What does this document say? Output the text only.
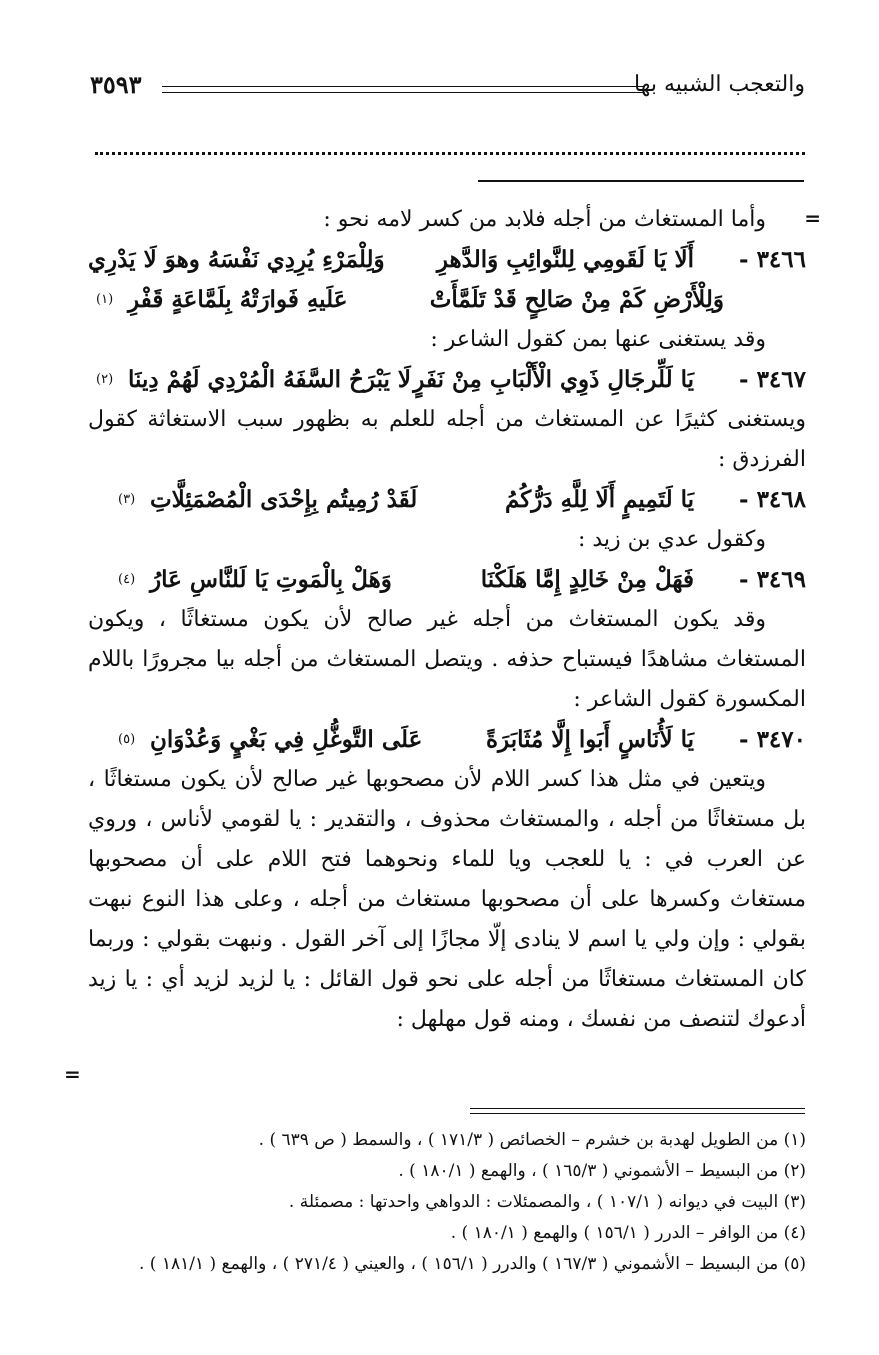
والتعجب الشبيه بها
٣٥٩٣
=
=

وأما المستغاث من أجله فلابد من كسر لامه نحو :

٣٤٦٦ -
أَلَا يَا لَقَومِي لِلنَّوائِبِ وَالدَّهرِ
وَلِلْمَرْءِ يُرِدِي نَفْسَهُ وهوَ لَا يَدْرِي
وَلِلْأَرْضِ كَمْ مِنْ صَالِحٍ قَدْ تَلَمَّأَتْ
عَلَيهِ فَوارَتْهُ بِلَمَّاعَةٍ قَفْرِ
(١)

وقد يستغنى عنها بمن كقول الشاعر :

٣٤٦٧ -
يَا لَلِّرجَالِ ذَوِي الْأَلْبَابِ مِنْ نَفَرٍ
لَا يَبْرَحُ السَّفَهُ الْمُرْدِي لَهُمْ دِينَا
(٢)

ويستغنى كثيرًا عن المستغاث من أجله للعلم به بظهور سبب الاستغاثة كقول الفرزدق :

٣٤٦٨ -
يَا لَتَمِيمٍ أَلَا لِلَّهِ دَرُّكُمُ
لَقَدْ رُمِيتُم بِإِحْدَى الْمُصْمَئِلَّاتِ
(٣)

وكقول عدي بن زيد :

٣٤٦٩ -
فَهَلْ مِنْ خَالِدٍ إِمَّا هَلَكْنَا
وَهَلْ بِالْمَوتِ يَا لَلنَّاسِ عَارُ
(٤)

وقد يكون المستغاث من أجله غير صالح لأن يكون مستغاثًا ، ويكون المستغاث مشاهدًا فيستباح حذفه . ويتصل المستغاث من أجله بيا مجرورًا باللام المكسورة كقول الشاعر :

٣٤٧٠ -
يَا لَأُنَاسٍ أَبَوا إِلَّا مُثَابَرَةً
عَلَى التَّوغُّلِ فِي بَغْيٍ وَعُدْوَانِ
(٥)

ويتعين في مثل هذا كسر اللام لأن مصحوبها غير صالح لأن يكون مستغاثًا ، بل مستغاثًا من أجله ، والمستغاث محذوف ، والتقدير : يا لقومي لأناس ، وروي عن العرب في : يا للعجب ويا للماء ونحوهما فتح اللام على أن مصحوبها مستغاث وكسرها على أن مصحوبها مستغاث من أجله ، وعلى هذا النوع نبهت بقولي : وإن ولي يا اسم لا ينادى إلّا مجازًا إلى آخر القول . ونبهت بقولي : وربما كان المستغاث مستغاثًا من أجله على نحو قول القائل : يا لزيد لزيد أي : يا زيد أدعوك لتنصف من نفسك ، ومنه قول مهلهل :

(١) من الطويل لهدبة بن خشرم – الخصائص ( ١٧١/٣ ) ، والسمط ( ص ٦٣٩ ) .

(٢) من البسيط – الأشموني ( ١٦٥/٣ ) ، والهمع ( ١٨٠/١ ) .

(٣) البيت في ديوانه ( ١٠٧/١ ) ، والمصمئلات : الدواهي واحدتها : مصمئلة .

(٤) من الوافر – الدرر ( ١٥٦/١ ) والهمع ( ١٨٠/١ ) .

(٥) من البسيط – الأشموني ( ١٦٧/٣ ) والدرر ( ١٥٦/١ ) ، والعيني ( ٢٧١/٤ ) ، والهمع ( ١٨١/١ ) .
